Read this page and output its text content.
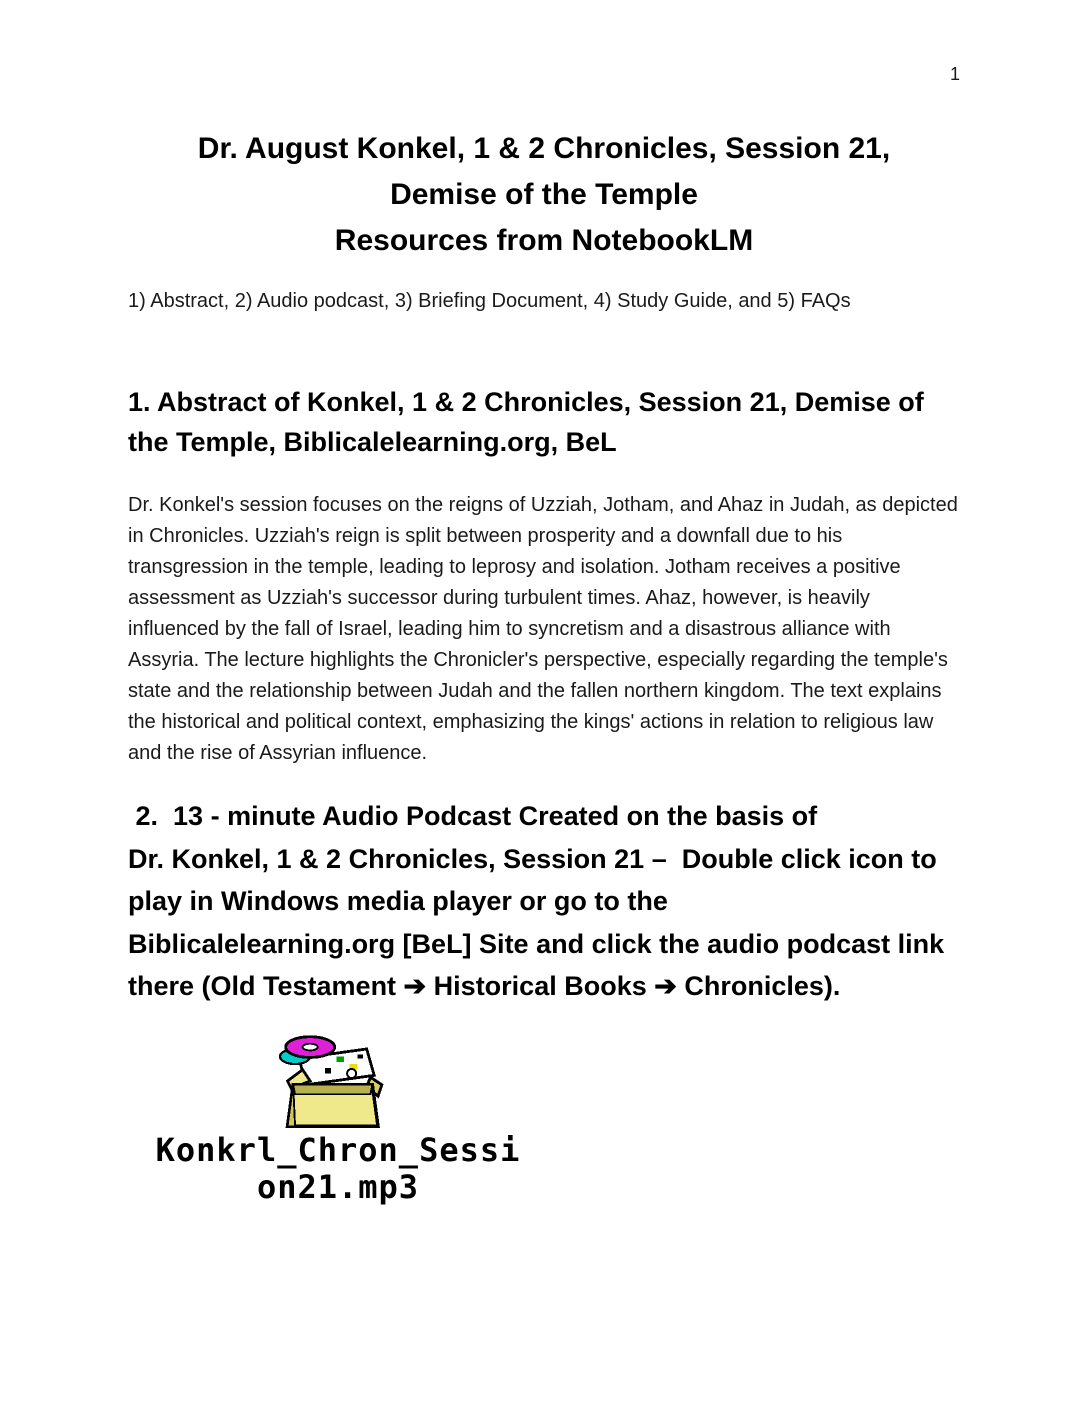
1
Dr. August Konkel, 1 & 2 Chronicles, Session 21,
Demise of the Temple
Resources from NotebookLM

1) Abstract, 2) Audio podcast, 3) Briefing Document, 4) Study Guide, and 5) FAQs

1. Abstract of Konkel, 1 & 2 Chronicles, Session 21, Demise of
the Temple, Biblicalelearning.org, BeL

Dr. Konkel's session focuses on the reigns of Uzziah, Jotham, and Ahaz in Judah, as depicted in Chronicles. Uzziah's reign is split between prosperity and a downfall due to his transgression in the temple, leading to leprosy and isolation. Jotham receives a positive assessment as Uzziah's successor during turbulent times. Ahaz, however, is heavily influenced by the fall of Israel, leading him to syncretism and a disastrous alliance with Assyria. The lecture highlights the Chronicler's perspective, especially regarding the temple's state and the relationship between Judah and the fallen northern kingdom. The text explains the historical and political context, emphasizing the kings' actions in relation to religious law and the rise of Assyrian influence.

2.  13 - minute Audio Podcast Created on the basis of
Dr. Konkel, 1 & 2 Chronicles, Session 21 –  Double click icon to
play in Windows media player or go to the
Biblicalelearning.org [BeL] Site and click the audio podcast link
there (Old Testament ➔ Historical Books ➔ Chronicles).
Konkrl_Chron_Sessi
on21.mp3
